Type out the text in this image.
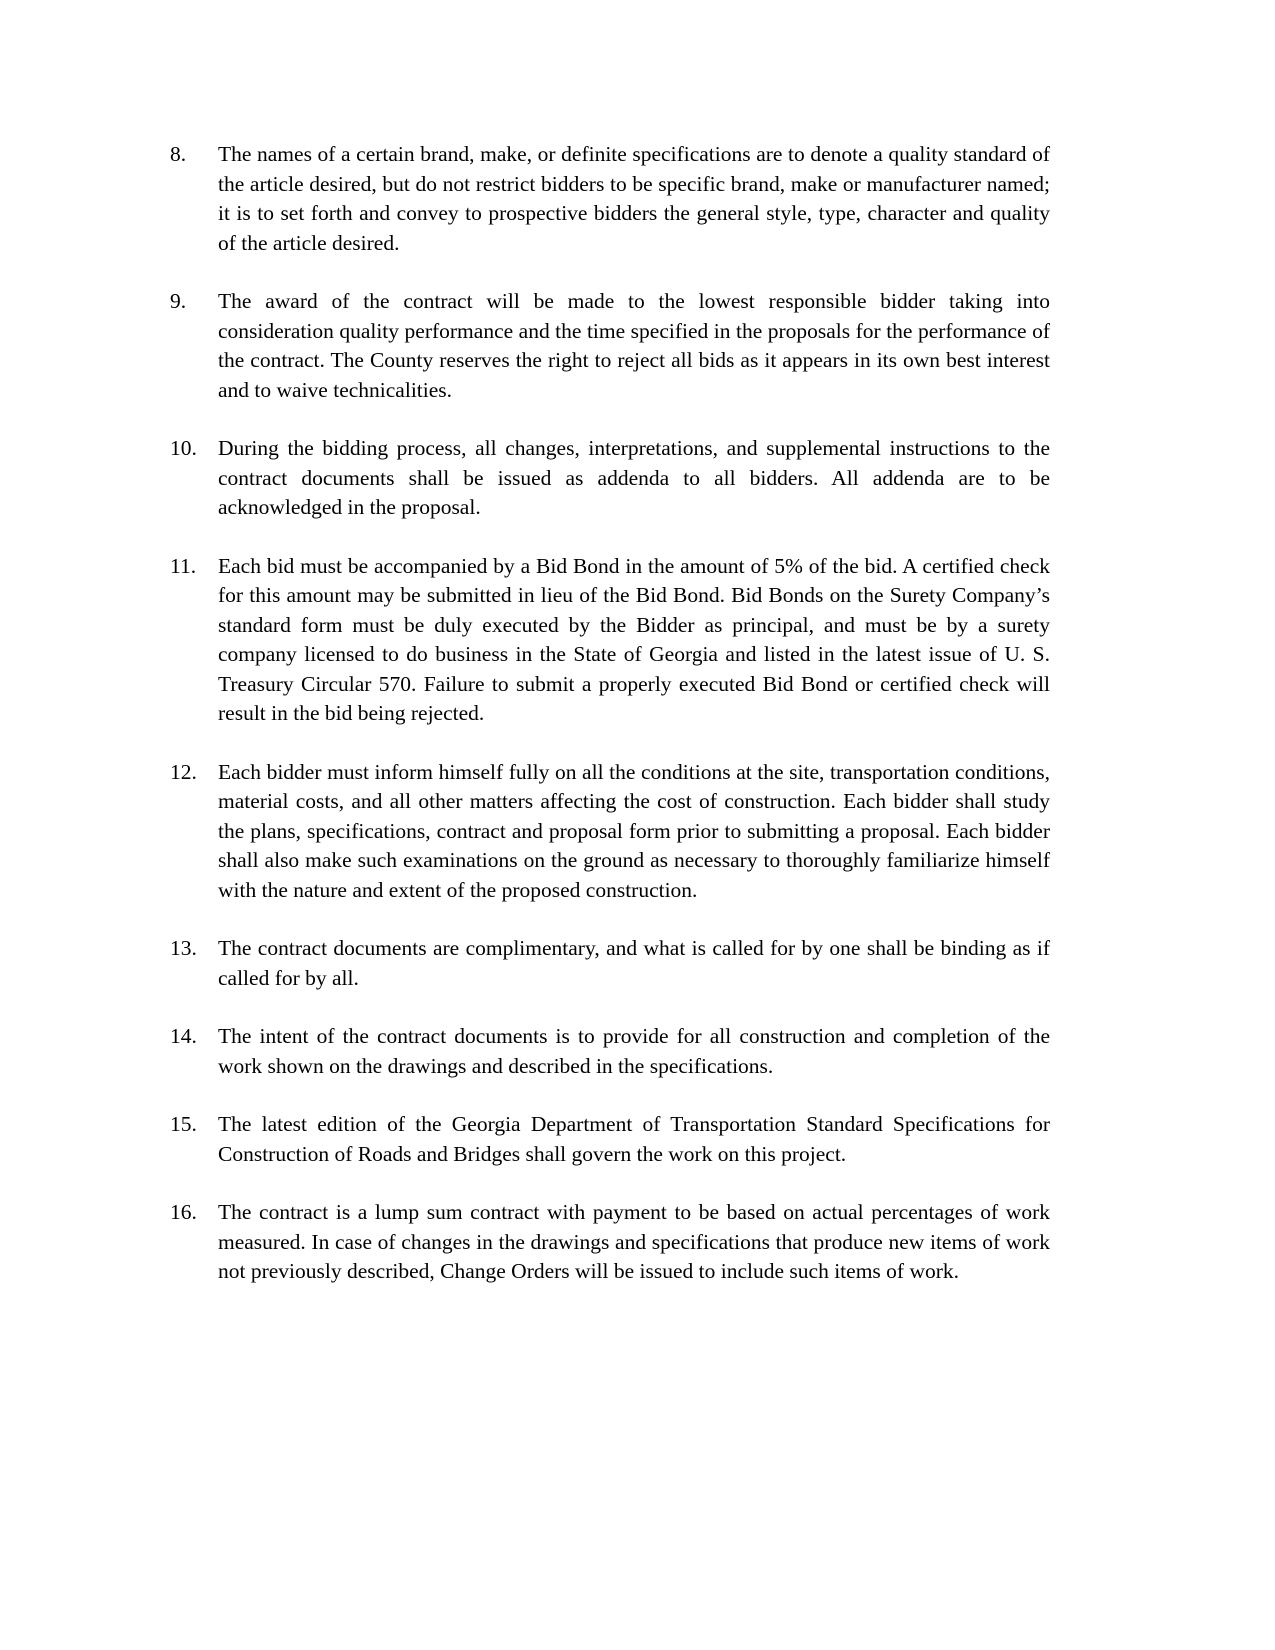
8.	The names of a certain brand, make, or definite specifications are to denote a quality standard of the article desired, but do not restrict bidders to be specific brand, make or manufacturer named; it is to set forth and convey to prospective bidders the general style, type, character and quality of the article desired.
9.	The award of the contract will be made to the lowest responsible bidder taking into consideration quality performance and the time specified in the proposals for the performance of the contract. The County reserves the right to reject all bids as it appears in its own best interest and to waive technicalities.
10. During the bidding process, all changes, interpretations, and supplemental instructions to the contract documents shall be issued as addenda to all bidders. All addenda are to be acknowledged in the proposal.
11.	Each bid must be accompanied by a Bid Bond in the amount of 5% of the bid. A certified check for this amount may be submitted in lieu of the Bid Bond. Bid Bonds on the Surety Company’s standard form must be duly executed by the Bidder as principal, and must be by a surety company licensed to do business in the State of Georgia and listed in the latest issue of U. S. Treasury Circular 570. Failure to submit a properly executed Bid Bond or certified check will result in the bid being rejected.
12. Each bidder must inform himself fully on all the conditions at the site, transportation conditions, material costs, and all other matters affecting the cost of construction. Each bidder shall study the plans, specifications, contract and proposal form prior to submitting a proposal. Each bidder shall also make such examinations on the ground as necessary to thoroughly familiarize himself with the nature and extent of the proposed construction.
13. The contract documents are complimentary, and what is called for by one shall be binding as if called for by all.
14. The intent of the contract documents is to provide for all construction and completion of the work shown on the drawings and described in the specifications.
15. The latest edition of the Georgia Department of Transportation Standard Specifications for Construction of Roads and Bridges shall govern the work on this project.
16. The contract is a lump sum contract with payment to be based on actual percentages of work measured. In case of changes in the drawings and specifications that produce new items of work not previously described, Change Orders will be issued to include such items of work.
